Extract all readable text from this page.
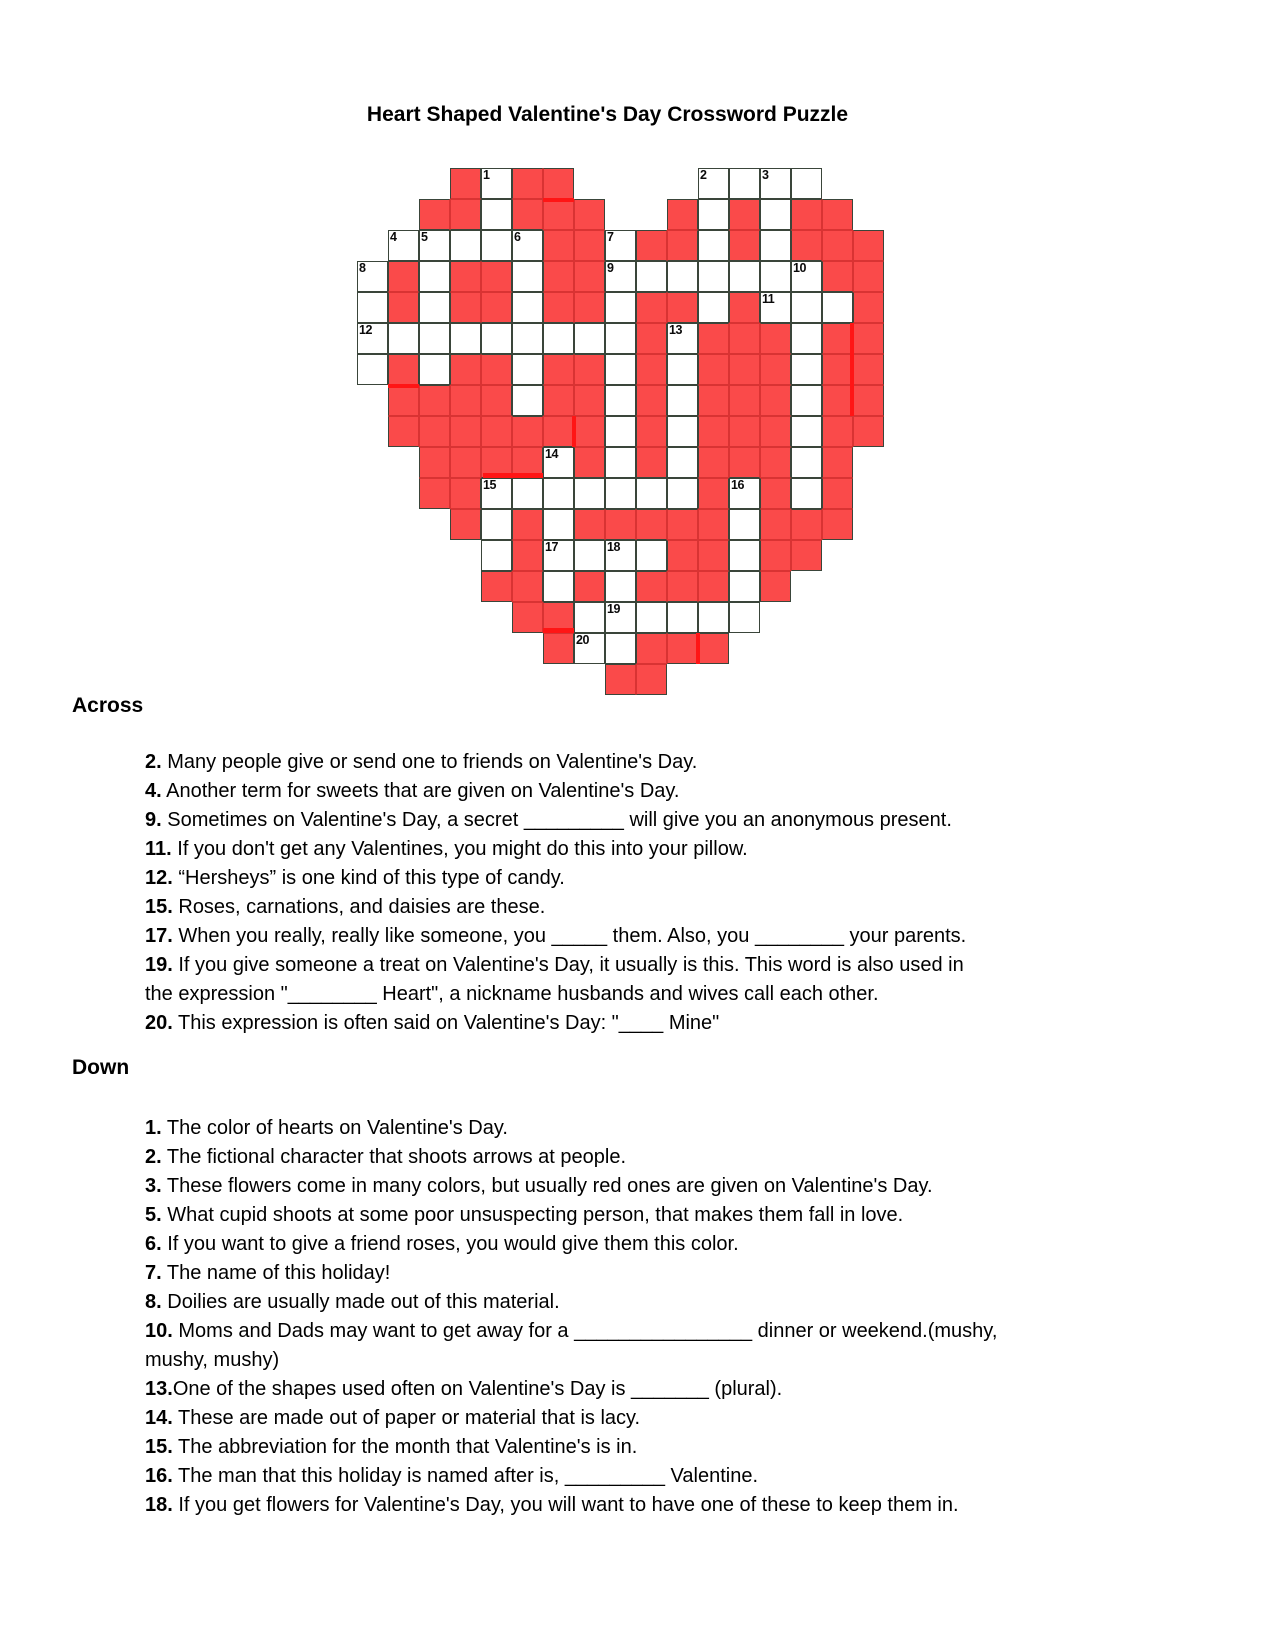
Heart Shaped Valentine's Day Crossword Puzzle
1	2	3
4 5	6	7
8	9	10
11
12	13
14
15	16
17	18
19
20
Across
2. Many people give or send one to friends on Valentine's Day.
4. Another term for sweets that are given on Valentine's Day.
9. Sometimes on Valentine's Day, a secret _________ will give you an anonymous present.
11. If you don't get any Valentines, you might do this into your pillow.
12. “Hersheys” is one kind of this type of candy.
15. Roses, carnations, and daisies are these.
17. When you really, really like someone, you _____ them. Also, you ________ your parents.
19. If you give someone a treat on Valentine's Day, it usually is this. This word is also used in
the expression "________ Heart", a nickname husbands and wives call each other.
20. This expression is often said on Valentine's Day: "____ Mine"
Down
1. The color of hearts on Valentine's Day.
2. The fictional character that shoots arrows at people.
3. These flowers come in many colors, but usually red ones are given on Valentine's Day.
5. What cupid shoots at some poor unsuspecting person, that makes them fall in love.
6. If you want to give a friend roses, you would give them this color.
7. The name of this holiday!
8. Doilies are usually made out of this material.
10. Moms and Dads may want to get away for a ________________ dinner or weekend.(mushy,
mushy, mushy)
13.One of the shapes used often on Valentine's Day is _______ (plural).
14. These are made out of paper or material that is lacy.
15. The abbreviation for the month that Valentine's is in.
16. The man that this holiday is named after is, _________ Valentine.
18. If you get flowers for Valentine's Day, you will want to have one of these to keep them in.
